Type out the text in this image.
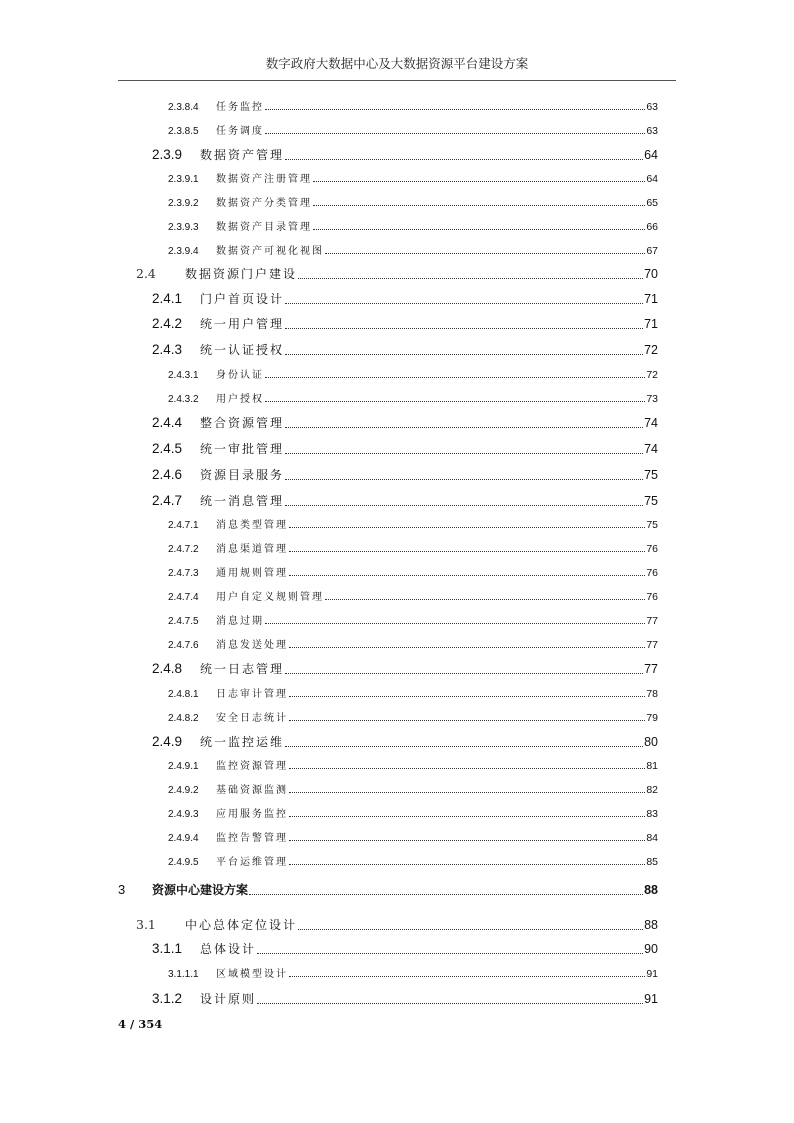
数字政府大数据中心及大数据资源平台建设方案
2.3.8.4	任务监控	63
2.3.8.5	任务调度	63
2.3.9	数据资产管理	64
2.3.9.1	数据资产注册管理	64
2.3.9.2	数据资产分类管理	65
2.3.9.3	数据资产目录管理	66
2.3.9.4	数据资产可视化视图	67
2.4	数据资源门户建设	70
2.4.1	门户首页设计	71
2.4.2	统一用户管理	71
2.4.3	统一认证授权	72
2.4.3.1	身份认证	72
2.4.3.2	用户授权	73
2.4.4	整合资源管理	74
2.4.5	统一审批管理	74
2.4.6	资源目录服务	75
2.4.7	统一消息管理	75
2.4.7.1	消息类型管理	75
2.4.7.2	消息渠道管理	76
2.4.7.3	通用规则管理	76
2.4.7.4	用户自定义规则管理	76
2.4.7.5	消息过期	77
2.4.7.6	消息发送处理	77
2.4.8	统一日志管理	77
2.4.8.1	日志审计管理	78
2.4.8.2	安全日志统计	79
2.4.9	统一监控运维	80
2.4.9.1	监控资源管理	81
2.4.9.2	基础资源监测	82
2.4.9.3	应用服务监控	83
2.4.9.4	监控告警管理	84
2.4.9.5	平台运维管理	85
3	资源中心建设方案	88
3.1	中心总体定位设计	88
3.1.1	总体设计	90
3.1.1.1	区域模型设计	91
3.1.2	设计原则	91
4 / 354
